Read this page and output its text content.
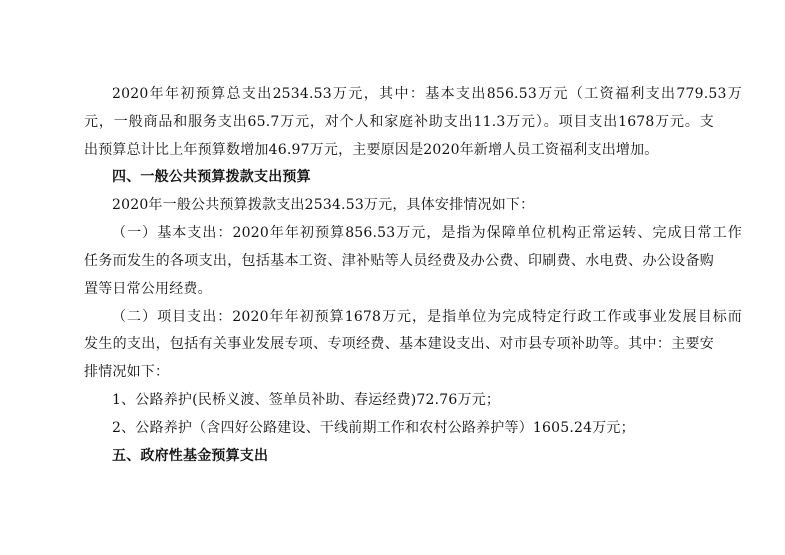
2020年年初预算总支出2534.53万元，其中：基本支出856.53万元（工资福利支出779.53万
元，一般商品和服务支出65.7万元，对个人和家庭补助支出11.3万元）。项目支出1678万元。支
出预算总计比上年预算数增加46.97万元，主要原因是2020年新增人员工资福利支出增加。
四、一般公共预算拨款支出预算
2020年一般公共预算拨款支出2534.53万元，具体安排情况如下：
（一）基本支出：2020年年初预算856.53万元，是指为保障单位机构正常运转、完成日常工作
任务而发生的各项支出，包括基本工资、津补贴等人员经费及办公费、印刷费、水电费、办公设备购
置等日常公用经费。
（二）项目支出：2020年年初预算1678万元，是指单位为完成特定行政工作或事业发展目标而
发生的支出，包括有关事业发展专项、专项经费、基本建设支出、对市县专项补助等。其中：主要安
排情况如下：
1、公路养护(民桥义渡、签单员补助、春运经费)72.76万元；
2、公路养护（含四好公路建设、干线前期工作和农村公路养护等）1605.24万元；
五、政府性基金预算支出
